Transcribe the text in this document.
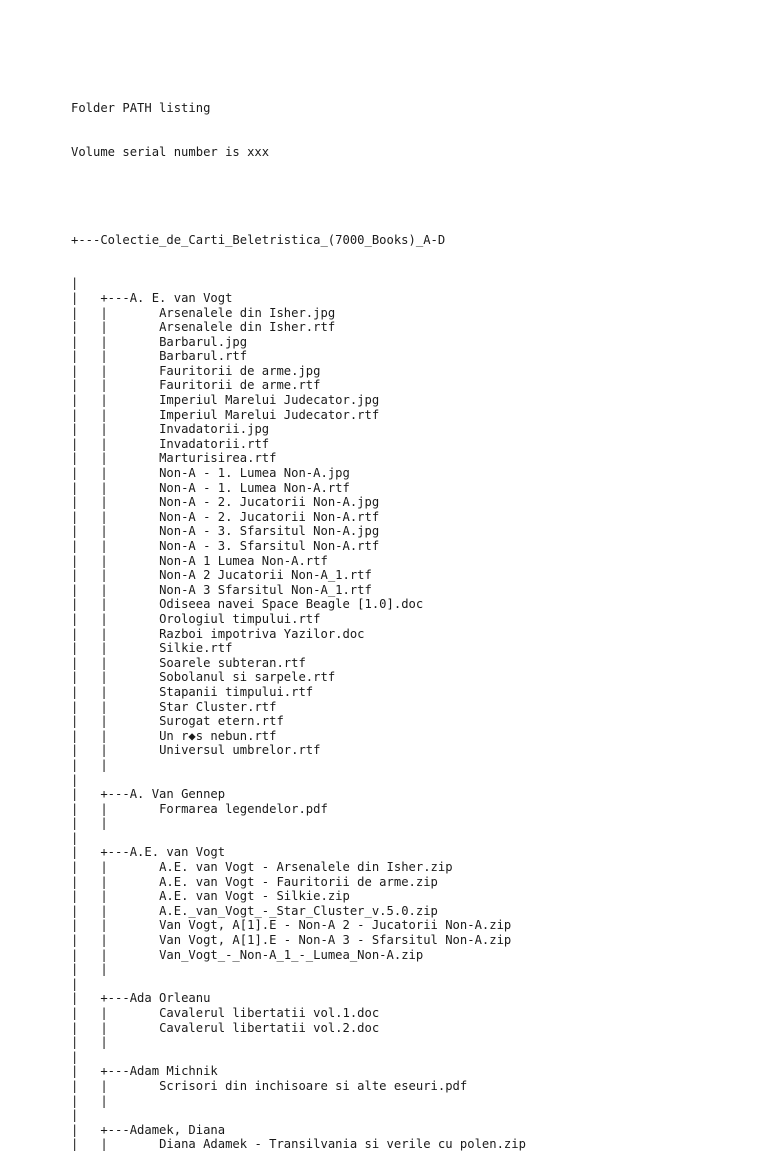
Folder PATH listing

Volume serial number is xxx

+---Colectie_de_Carti_Beletristica_(7000_Books)_A-D

|
|   +---A. E. van Vogt
|   |       Arsenalele din Isher.jpg
|   |       Arsenalele din Isher.rtf
|   |       Barbarul.jpg
|   |       Barbarul.rtf
|   |       Fauritorii de arme.jpg
|   |       Fauritorii de arme.rtf
|   |       Imperiul Marelui Judecator.jpg
|   |       Imperiul Marelui Judecator.rtf
|   |       Invadatorii.jpg
|   |       Invadatorii.rtf
|   |       Marturisirea.rtf
|   |       Non-A - 1. Lumea Non-A.jpg
|   |       Non-A - 1. Lumea Non-A.rtf
|   |       Non-A - 2. Jucatorii Non-A.jpg
|   |       Non-A - 2. Jucatorii Non-A.rtf
|   |       Non-A - 3. Sfarsitul Non-A.jpg
|   |       Non-A - 3. Sfarsitul Non-A.rtf
|   |       Non-A 1 Lumea Non-A.rtf
|   |       Non-A 2 Jucatorii Non-A_1.rtf
|   |       Non-A 3 Sfarsitul Non-A_1.rtf
|   |       Odiseea navei Space Beagle [1.0].doc
|   |       Orologiul timpului.rtf
|   |       Razboi impotriva Yazilor.doc
|   |       Silkie.rtf
|   |       Soarele subteran.rtf
|   |       Sobolanul si sarpele.rtf
|   |       Stapanii timpului.rtf
|   |       Star Cluster.rtf
|   |       Surogat etern.rtf
|   |       Un r◆s nebun.rtf
|   |       Universul umbrelor.rtf
|   |
|
|   +---A. Van Gennep
|   |       Formarea legendelor.pdf
|   |
|
|   +---A.E. van Vogt
|   |       A.E. van Vogt - Arsenalele din Isher.zip
|   |       A.E. van Vogt - Fauritorii de arme.zip
|   |       A.E. van Vogt - Silkie.zip
|   |       A.E._van_Vogt_-_Star_Cluster_v.5.0.zip
|   |       Van Vogt, A[1].E - Non-A 2 - Jucatorii Non-A.zip
|   |       Van Vogt, A[1].E - Non-A 3 - Sfarsitul Non-A.zip
|   |       Van_Vogt_-_Non-A_1_-_Lumea_Non-A.zip
|   |
|
|   +---Ada Orleanu
|   |       Cavalerul libertatii vol.1.doc
|   |       Cavalerul libertatii vol.2.doc
|   |
|
|   +---Adam Michnik
|   |       Scrisori din inchisoare si alte eseuri.pdf
|   |
|
|   +---Adamek, Diana
|   |       Diana Adamek - Transilvania si verile cu polen.zip
